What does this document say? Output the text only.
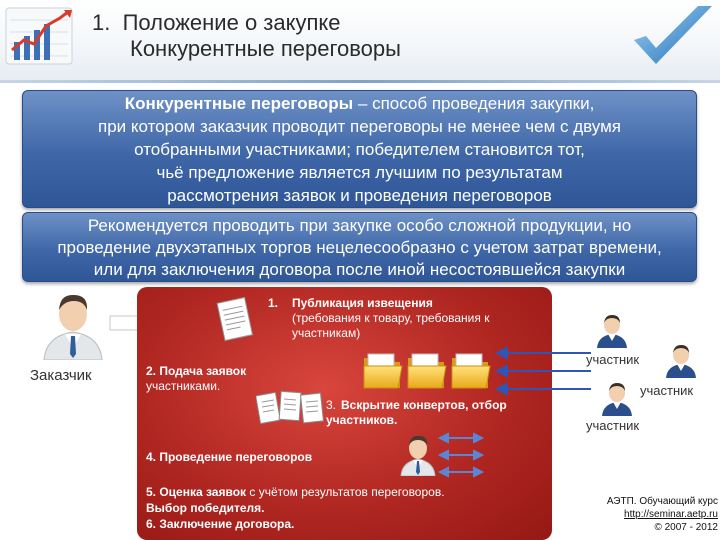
1.  Положение о закупке
Конкурентные переговоры
Конкурентные переговоры – способ проведения закупки,
при котором заказчик проводит переговоры не менее чем с двумя
отобранными участниками; победителем становится тот,
чьё предложение является лучшим по результатам
рассмотрения заявок и проведения переговоров
Рекомендуется проводить при закупке особо сложной продукции, но
проведение двухэтапных торгов нецелесообразно с учетом затрат времени,
или для заключения договора после иной несостоявшейся закупки
Заказчик
1. Публикация извещения
(требования к товару, требования к
участникам)
2. Подача заявок
участниками.
3. Вскрытие конвертов, отбор
участников.
4. Проведение переговоров
5. Оценка заявок с учётом результатов переговоров.
Выбор победителя.
6. Заключение договора.
участник
участник
участник
АЭТП. Обучающий курс
http://seminar.aetp.ru
© 2007 - 2012
